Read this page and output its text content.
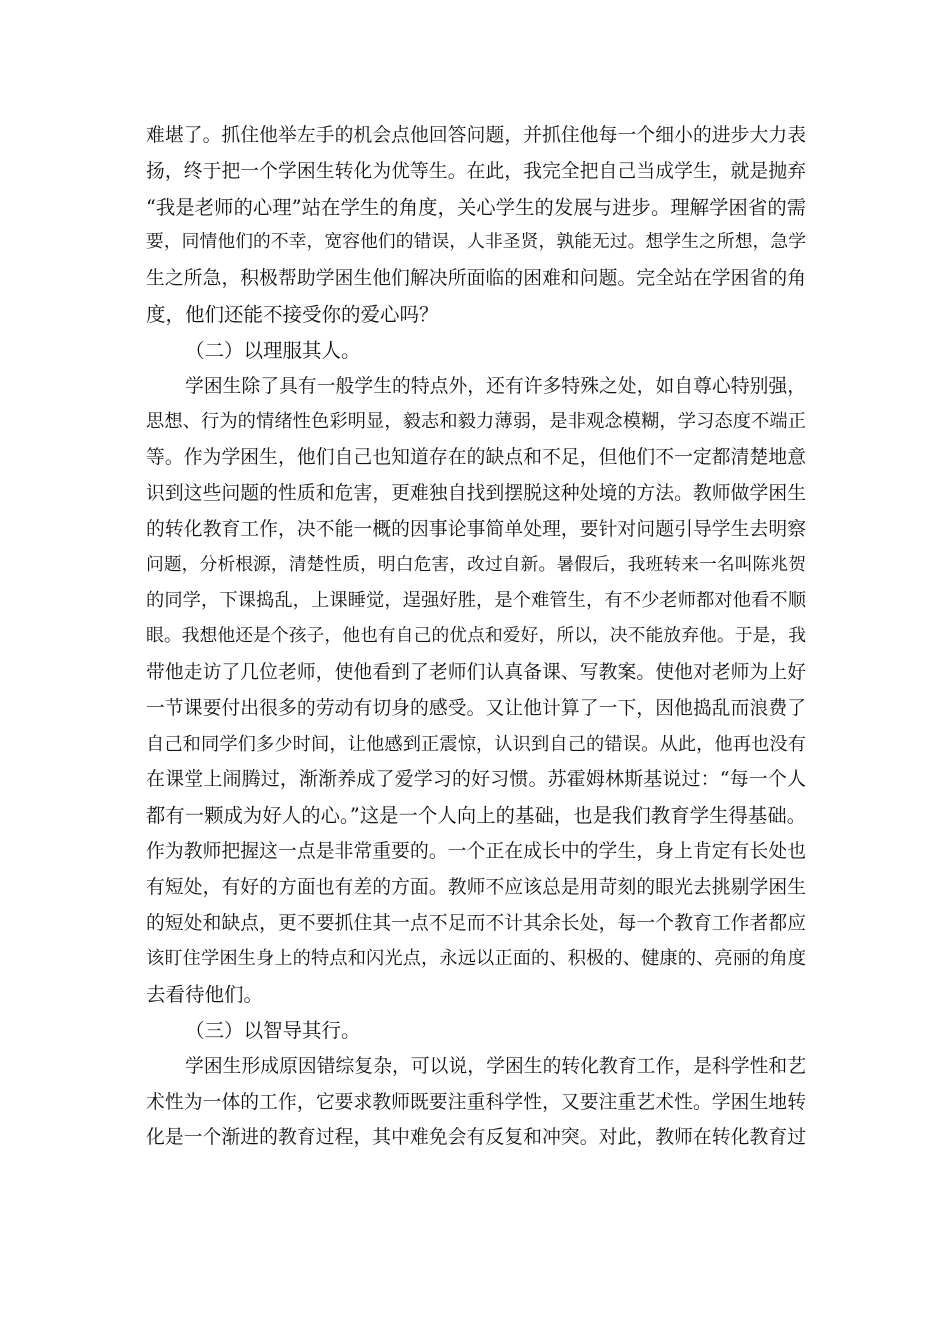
难堪了。抓住他举左手的机会点他回答问题，并抓住他每一个细小的进步大力表
扬，终于把一个学困生转化为优等生。在此，我完全把自己当成学生，就是抛弃
“我是老师的心理”站在学生的角度，关心学生的发展与进步。理解学困省的需
要，同情他们的不幸，宽容他们的错误，人非圣贤，孰能无过。想学生之所想，急学
生之所急，积极帮助学困生他们解决所面临的困难和问题。完全站在学困省的角
度，他们还能不接受你的爱心吗？
（二）以理服其人。
学困生除了具有一般学生的特点外，还有许多特殊之处，如自尊心特别强，
思想、行为的情绪性色彩明显，毅志和毅力薄弱，是非观念模糊，学习态度不端正
等。作为学困生，他们自己也知道存在的缺点和不足，但他们不一定都清楚地意
识到这些问题的性质和危害，更难独自找到摆脱这种处境的方法。教师做学困生
的转化教育工作，决不能一概的因事论事简单处理，要针对问题引导学生去明察
问题，分析根源，清楚性质，明白危害，改过自新。暑假后，我班转来一名叫陈兆贺
的同学，下课捣乱，上课睡觉，逞强好胜，是个难管生，有不少老师都对他看不顺
眼。我想他还是个孩子，他也有自己的优点和爱好，所以，决不能放弃他。于是，我
带他走访了几位老师，使他看到了老师们认真备课、写教案。使他对老师为上好
一节课要付出很多的劳动有切身的感受。又让他计算了一下，因他捣乱而浪费了
自己和同学们多少时间，让他感到正震惊，认识到自己的错误。从此，他再也没有
在课堂上闹腾过，渐渐养成了爱学习的好习惯。苏霍姆林斯基说过：“每一个人
都有一颗成为好人的心。”这是一个人向上的基础，也是我们教育学生得基础。
作为教师把握这一点是非常重要的。一个正在成长中的学生，身上肯定有长处也
有短处，有好的方面也有差的方面。教师不应该总是用苛刻的眼光去挑剔学困生
的短处和缺点，更不要抓住其一点不足而不计其余长处，每一个教育工作者都应
该盯住学困生身上的特点和闪光点，永远以正面的、积极的、健康的、亮丽的角度
去看待他们。
（三）以智导其行。
学困生形成原因错综复杂，可以说，学困生的转化教育工作，是科学性和艺
术性为一体的工作，它要求教师既要注重科学性，又要注重艺术性。学困生地转
化是一个渐进的教育过程，其中难免会有反复和冲突。对此，教师在转化教育过
